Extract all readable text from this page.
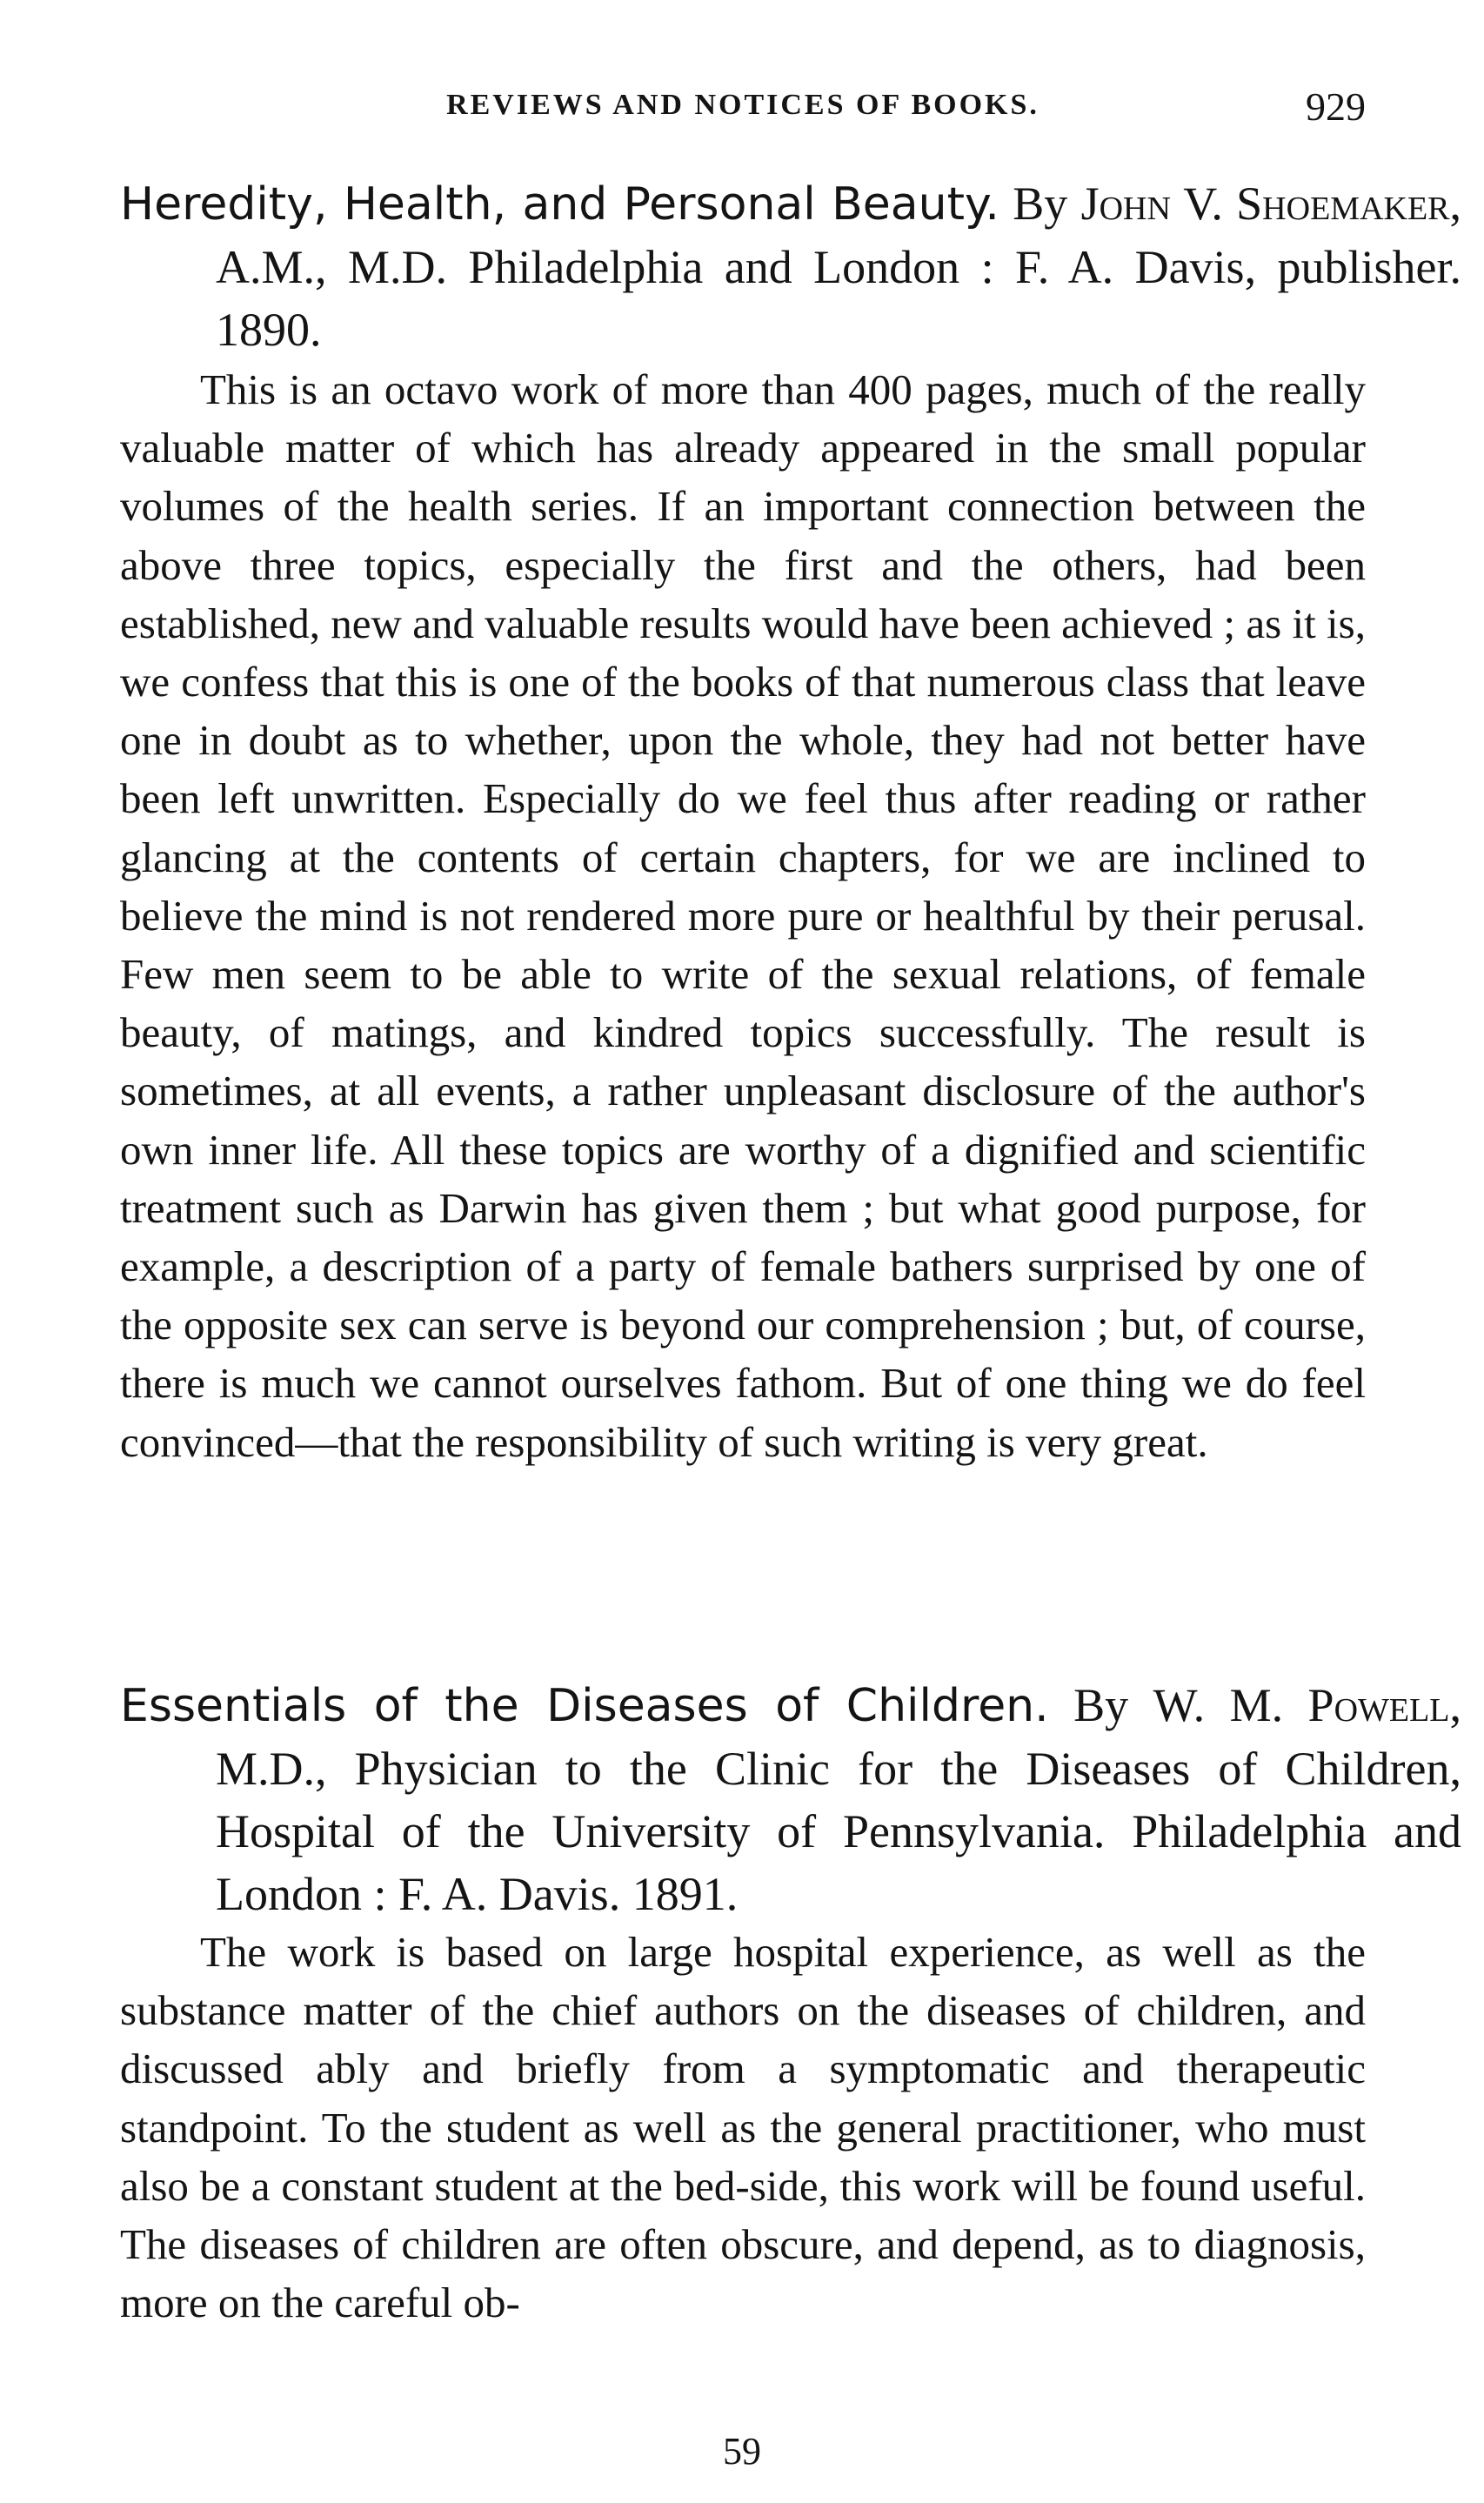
REVIEWS AND NOTICES OF BOOKS.	929
Heredity, Health, and Personal Beauty. By John V. Shoemaker, A.M., M.D. Philadelphia and London : F. A. Davis, publisher. 1890.

This is an octavo work of more than 400 pages, much of the really valuable matter of which has already appeared in the small popular volumes of the health series. If an important connection between the above three topics, especially the first and the others, had been established, new and valuable results would have been achieved ; as it is, we confess that this is one of the books of that numerous class that leave one in doubt as to whether, upon the whole, they had not better have been left unwritten. Especially do we feel thus after reading or rather glancing at the contents of certain chapters, for we are inclined to believe the mind is not rendered more pure or healthful by their perusal. Few men seem to be able to write of the sexual relations, of female beauty, of matings, and kindred topics successfully. The result is sometimes, at all events, a rather unpleasant disclosure of the author's own inner life. All these topics are worthy of a dignified and scientific treatment such as Darwin has given them ; but what good purpose, for example, a description of a party of female bathers surprised by one of the opposite sex can serve is beyond our comprehension ; but, of course, there is much we cannot ourselves fathom. But of one thing we do feel convinced—that the responsibility of such writing is very great.

Essentials of the Diseases of Children. By W. M. Powell, M.D., Physician to the Clinic for the Diseases of Children, Hospital of the University of Pennsylvania. Philadelphia and London : F. A. Davis. 1891.

The work is based on large hospital experience, as well as the substance matter of the chief authors on the diseases of children, and discussed ably and briefly from a symptomatic and therapeutic standpoint. To the student as well as the general practitioner, who must also be a constant student at the bed-side, this work will be found useful. The diseases of children are often obscure, and depend, as to diagnosis, more on the careful ob-

59
